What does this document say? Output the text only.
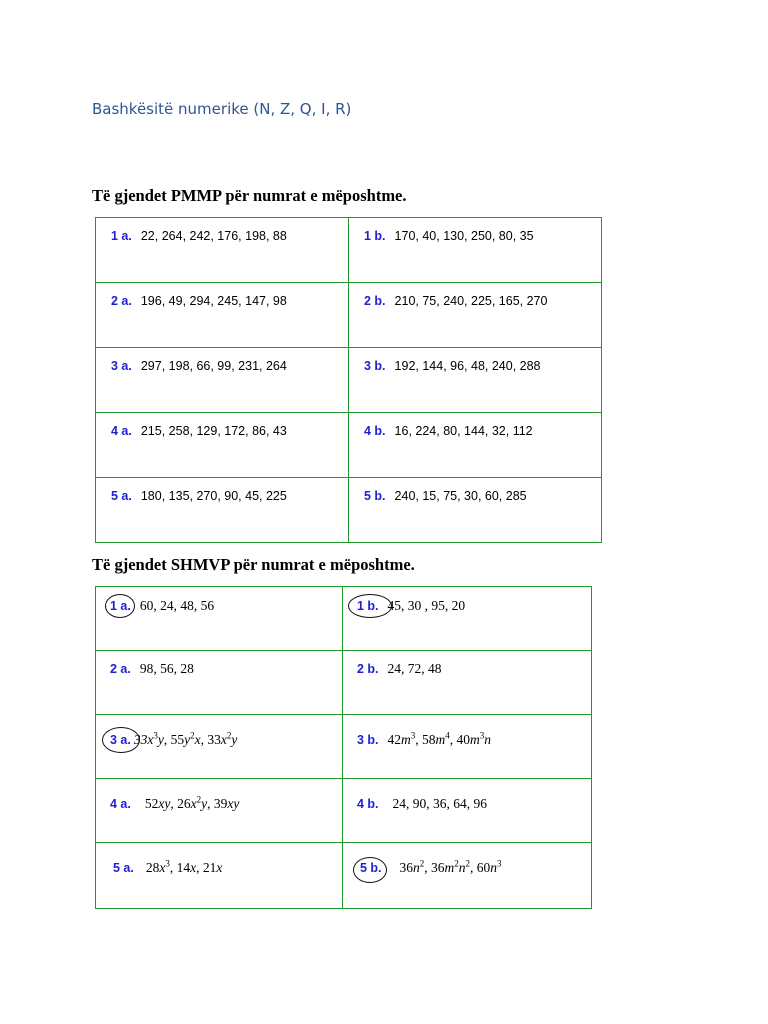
Bashkësitë numerike (N, Z, Q, I, R)
Të gjendet PMMP për numrat e mëposhtme.
1 a. 22, 264, 242, 176, 198, 88	1 b. 170, 40, 130, 250, 80, 35

2 a. 196, 49, 294, 245, 147, 98	2 b. 210, 75, 240, 225, 165, 270

3 a. 297, 198, 66, 99, 231, 264	3 b. 192, 144, 96, 48, 240, 288

4 a. 215, 258, 129, 172, 86, 43	4 b. 16, 224, 80, 144, 32, 112

5 a. 180, 135, 270, 90, 45, 225	5 b. 240, 15, 75, 30, 60, 285
Të gjendet SHMVP për numrat e mëposhtme.
1 a. 60, 24, 48, 56	1 b. 45, 30 , 95, 20

2 a. 98, 56, 28	2 b. 24, 72, 48

3 a. $33x^3y$, $55y^2x$, $33x^2y$	3 b. $42m^3$, $58m^4$, $40m^3n$

4 a. 52xy, $26x^2y$, 39xy	4 b. 24, 90, 36, 64, 96

5 a. $28x^3$, 14x, 21x	5 b. $36n^2$, $36m^2n^2$, $60n^3$
